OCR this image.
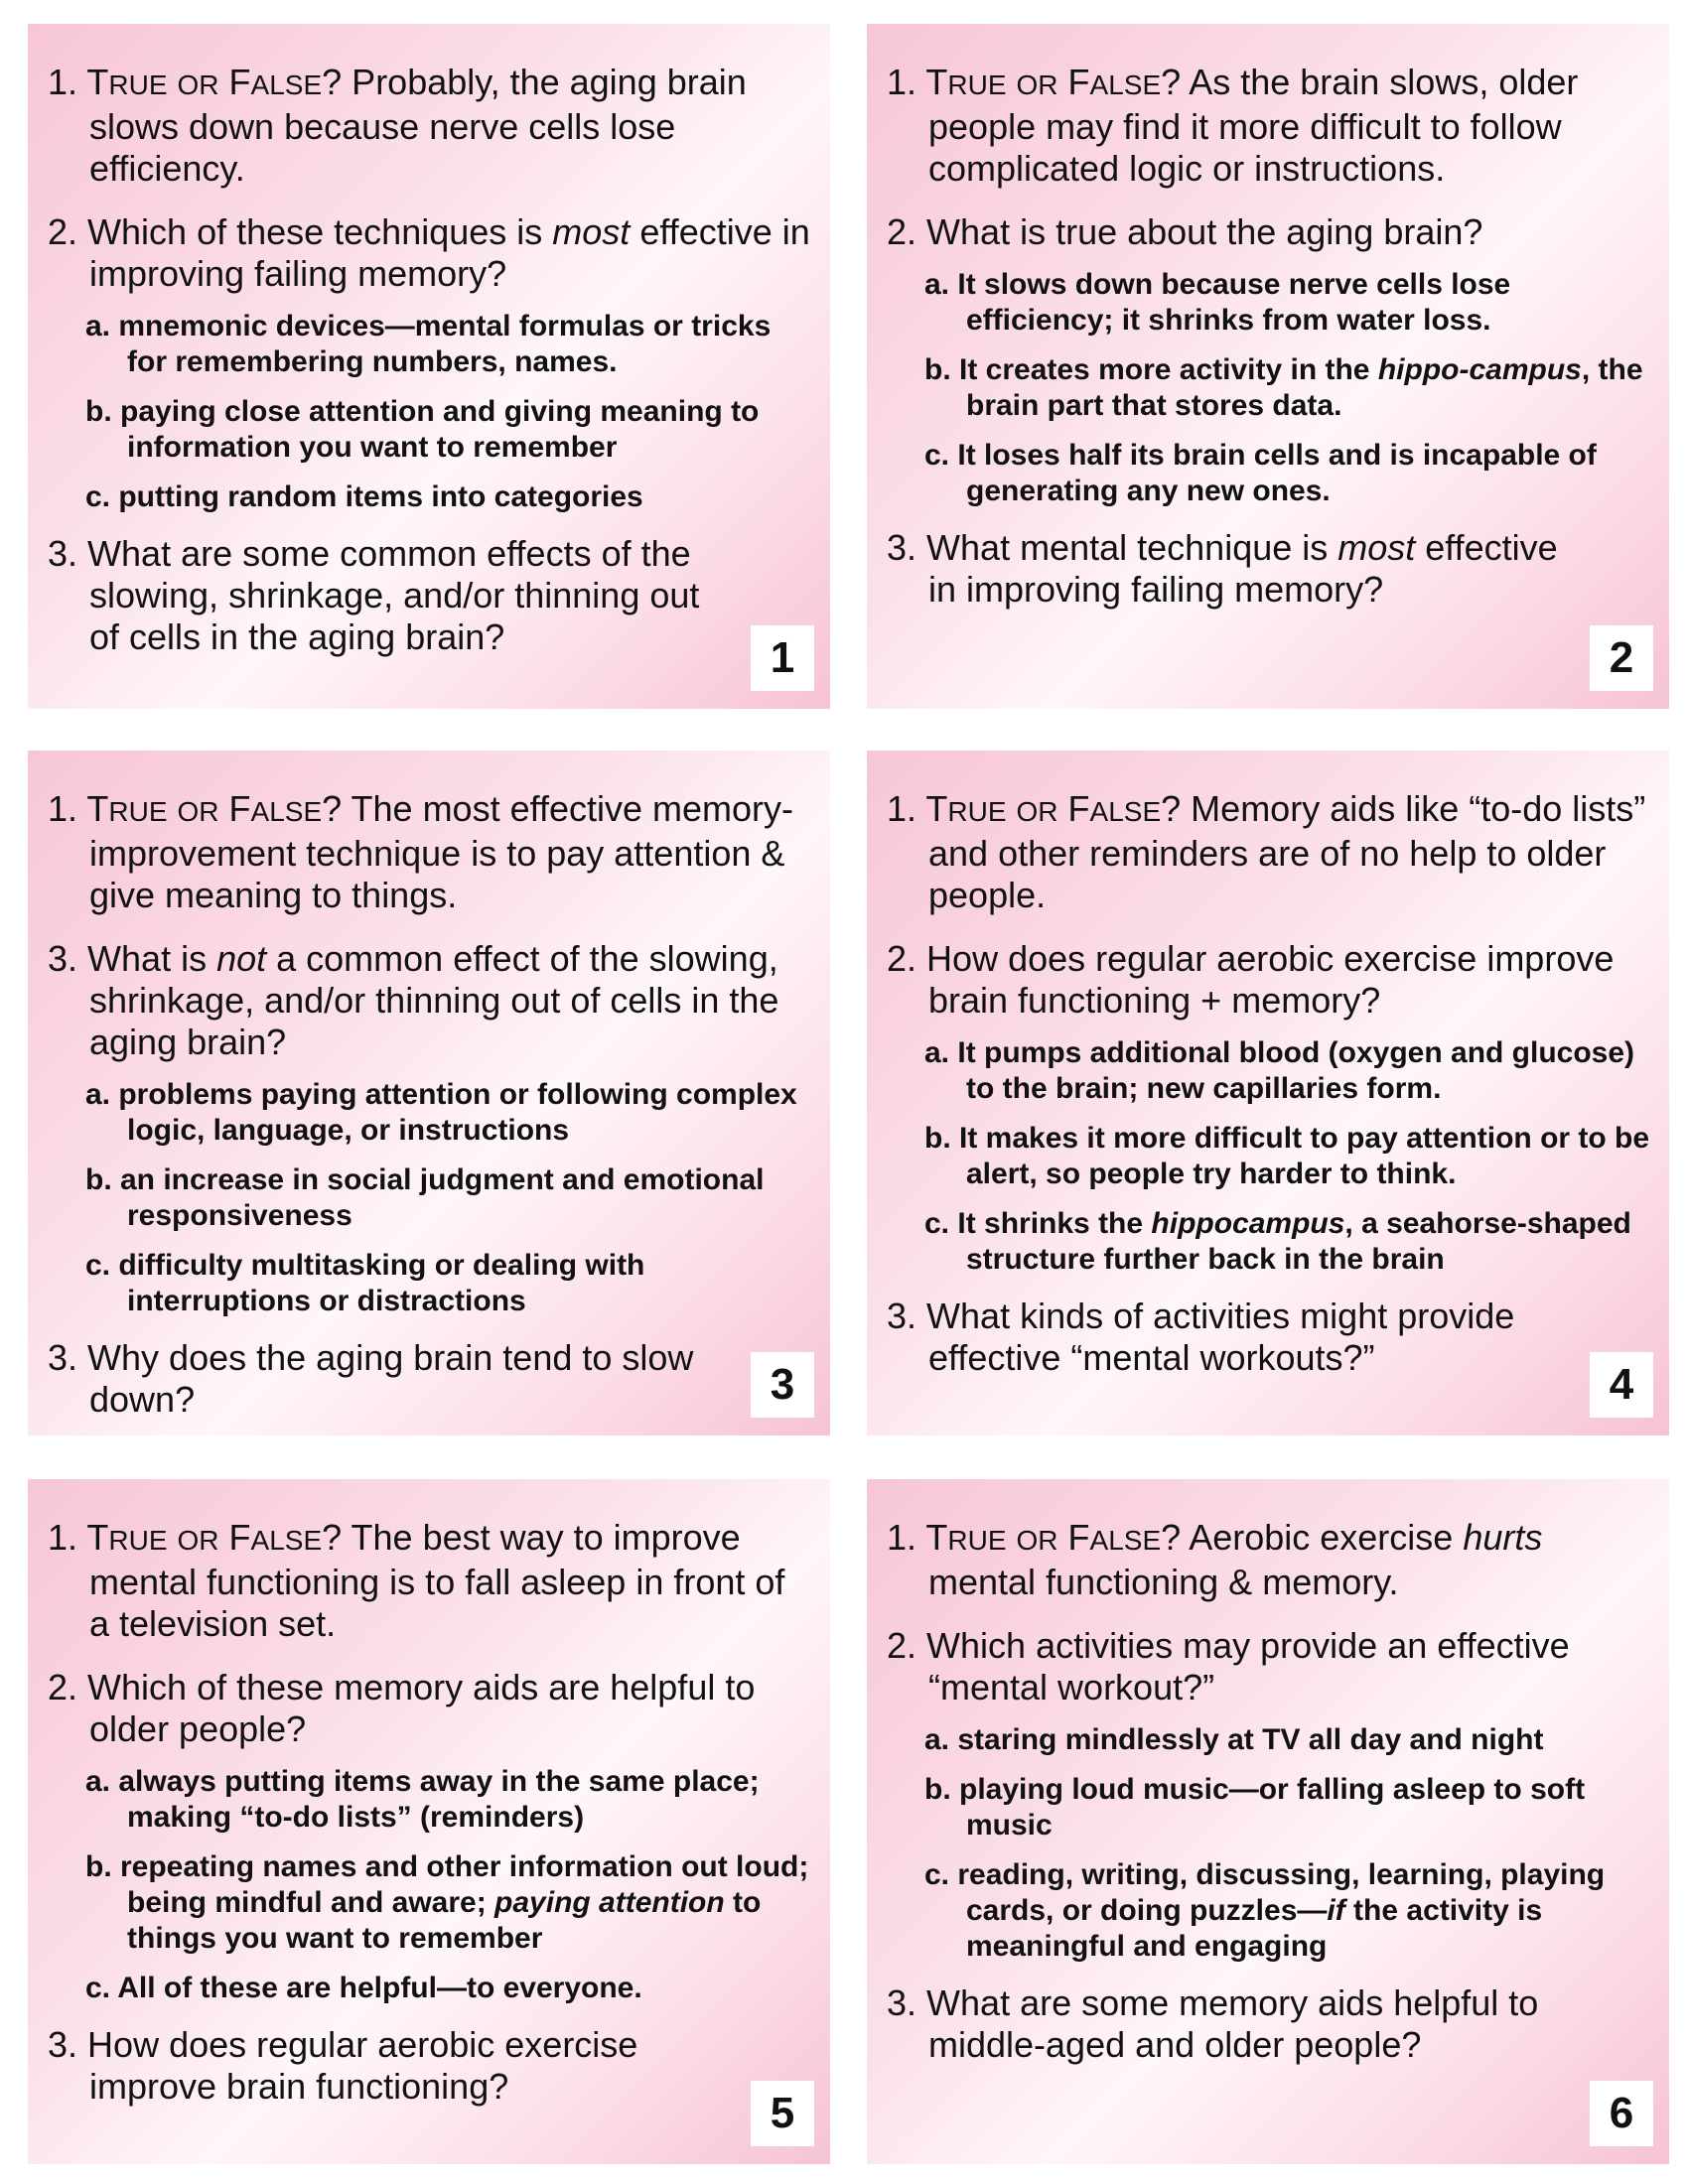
1. TRUE OR FALSE? Probably, the aging brain slows down because nerve cells lose efficiency.

2. Which of these techniques is most effective in improving failing memory?

a. mnemonic devices—mental formulas or tricks for remembering numbers, names.
b. paying close attention and giving meaning to information you want to remember
c. putting random items into categories

3. What are some common effects of the slowing, shrinkage, and/or thinning out of cells in the aging brain?	1

1. TRUE OR FALSE? As the brain slows, older people may find it more difficult to follow complicated logic or instructions.

2. What is true about the aging brain?

a. It slows down because nerve cells lose efficiency; it shrinks from water loss.
b. It creates more activity in the hippo-campus, the brain part that stores data.
c. It loses half its brain cells and is incapable of generating any new ones.

3. What mental technique is most effective in improving failing memory?

2

1. TRUE OR FALSE? The most effective memory-improvement technique is to pay attention & give meaning to things.

3. What is not a common effect of the slowing, shrinkage, and/or thinning out of cells in the aging brain?

a. problems paying attention or following complex logic, language, or instructions
b. an increase in social judgment and emotional responsiveness
c. difficulty multitasking or dealing with interruptions or distractions

3. Why does the aging brain tend to slow down?	3

1. TRUE OR FALSE? Memory aids like “to-do lists” and other reminders are of no help to older people.

2. How does regular aerobic exercise improve brain functioning + memory?

a. It pumps additional blood (oxygen and glucose) to the brain; new capillaries form.
b. It makes it more difficult to pay attention or to be alert, so people try harder to think.
c. It shrinks the hippocampus, a seahorse-shaped structure further back in the brain

3. What kinds of activities might provide effective “mental workouts?”

4

1. TRUE OR FALSE? The best way to improve mental functioning is to fall asleep in front of a television set.

2. Which of these memory aids are helpful to older people?

a. always putting items away in the same place; making “to-do lists” (reminders)
b. repeating names and other information out loud; being mindful and aware; paying attention to things you want to remember
c. All of these are helpful—to everyone.

3. How does regular aerobic exercise improve brain functioning?

5

1. TRUE OR FALSE? Aerobic exercise hurts mental functioning & memory.

2. Which activities may provide an effective “mental workout?”

a. staring mindlessly at TV all day and night
b. playing loud music—or falling asleep to soft music
c. reading, writing, discussing, learning, playing cards, or doing puzzles—if the activity is meaningful and engaging

3. What are some memory aids helpful to middle-aged and older people?

6
